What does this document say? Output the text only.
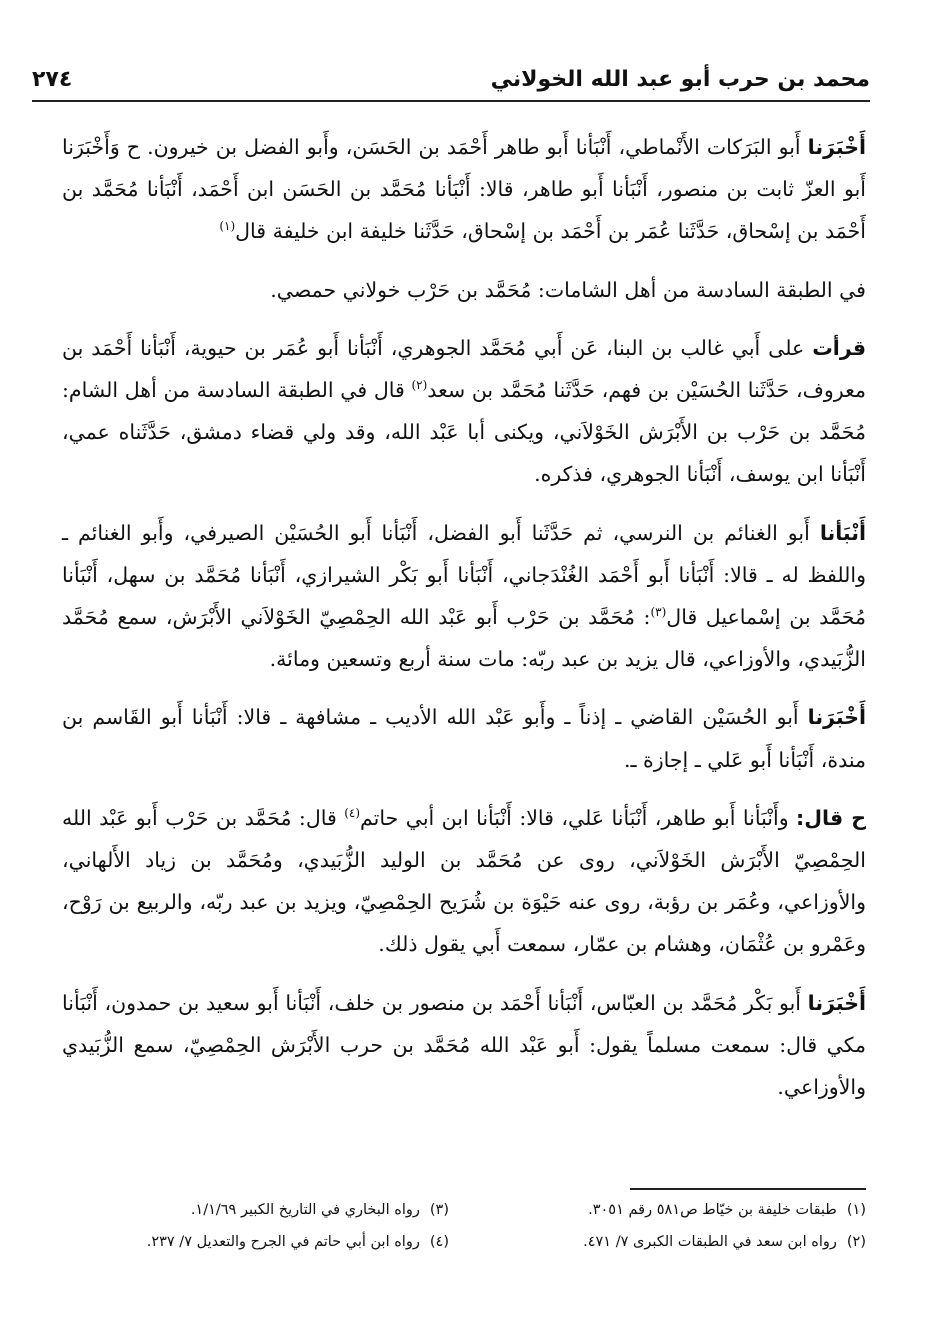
محمد بن حرب أبو عبد الله الخولاني
٢٧٤

أَخْبَرَنا أَبو البَرَكات الأَنْماطي، أَنْبَأنا أَبو طاهر أَحْمَد بن الحَسَن، وأَبو الفضل بن خيرون. ح وَأَخْبَرَنا أَبو العزّ ثابت بن منصور، أَنْبَأنا أَبو طاهر، قالا: أَنْبَأنا مُحَمَّد بن الحَسَن ابن أَحْمَد، أَنْبَأنا مُحَمَّد بن أَحْمَد بن إسْحاق، حَدَّثَنا عُمَر بن أَحْمَد بن إسْحاق، حَدَّثَنا خليفة ابن خليفة قال$^{(١)}$

في الطبقة السادسة من أهل الشامات: مُحَمَّد بن حَرْب خولاني حمصي.

قرأت على أَبي غالب بن البنا، عَن أَبي مُحَمَّد الجوهري، أَنْبَأنا أَبو عُمَر بن حيوية، أَنْبَأنا أَحْمَد بن معروف، حَدَّثَنا الحُسَيْن بن فهم، حَدَّثَنا مُحَمَّد بن سعد$^{(٢)}$ قال في الطبقة السادسة من أهل الشام: مُحَمَّد بن حَرْب بن الأَبْرَش الخَوْلاَني، ويكنى أبا عَبْد الله، وقد ولي قضاء دمشق، حَدَّثَناه عمي، أَنْبَأنا ابن يوسف، أَنْبَأنا الجوهري، فذكره.

أَنْبَأنا أَبو الغنائم بن النرسي، ثم حَدَّثَنا أَبو الفضل، أَنْبَأنا أَبو الحُسَيْن الصيرفي، وأَبو الغنائم ـ واللفظ له ـ قالا: أَنْبَأنا أَبو أَحْمَد الغُنْدَجاني، أَنْبَأنا أَبو بَكْر الشيرازي، أَنْبَأنا مُحَمَّد بن سهل، أَنْبَأنا مُحَمَّد بن إسْماعيل قال$^{(٣)}$: مُحَمَّد بن حَرْب أَبو عَبْد الله الحِمْصِيّ الخَوْلاَني الأَبْرَش، سمع مُحَمَّد الزُّبَيدي، والأوزاعي، قال يزيد بن عبد ربّه: مات سنة أربع وتسعين ومائة.

أَخْبَرَنا أَبو الحُسَيْن القاضي ـ إذناً ـ وأَبو عَبْد الله الأديب ـ مشافهة ـ قالا: أَنْبَأنا أَبو القَاسم بن مندة، أَنْبَأنا أَبو عَلي ـ إجازة ـ.

ح قال: وأَنْبَأنا أَبو طاهر، أَنْبَأنا عَلي، قالا: أَنْبَأنا ابن أبي حاتم$^{(٤)}$ قال: مُحَمَّد بن حَرْب أَبو عَبْد الله الحِمْصِيّ الأَبْرَش الخَوْلاَني، روى عن مُحَمَّد بن الوليد الزُّبَيدي، ومُحَمَّد بن زياد الأَلهاني، والأوزاعي، وعُمَر بن رؤبة، روى عنه حَيْوَة بن شُرَيح الحِمْصِيّ، ويزيد بن عبد ربّه، والربيع بن رَوْح، وعَمْرو بن عُثْمَان، وهشام بن عمّار، سمعت أَبي يقول ذلك.

أَخْبَرَنا أَبو بَكْر مُحَمَّد بن العبّاس، أَنْبَأنا أَحْمَد بن منصور بن خلف، أَنْبَأنا أَبو سعيد بن حمدون، أَنْبَأنا مكي قال: سمعت مسلماً يقول: أَبو عَبْد الله مُحَمَّد بن حرب الأَبْرَش الحِمْصِيّ، سمع الزُّبَيدي والأوزاعي.

(١)طبقات خليفة بن خيّاط ص٥٨١ رقم ٣٠٥١.
(٣)رواه البخاري في التاريخ الكبير ١/١/٦٩.
(٢)رواه ابن سعد في الطبقات الكبرى ٧/ ٤٧١.
(٤)رواه ابن أبي حاتم في الجرح والتعديل ٧/ ٢٣٧.
